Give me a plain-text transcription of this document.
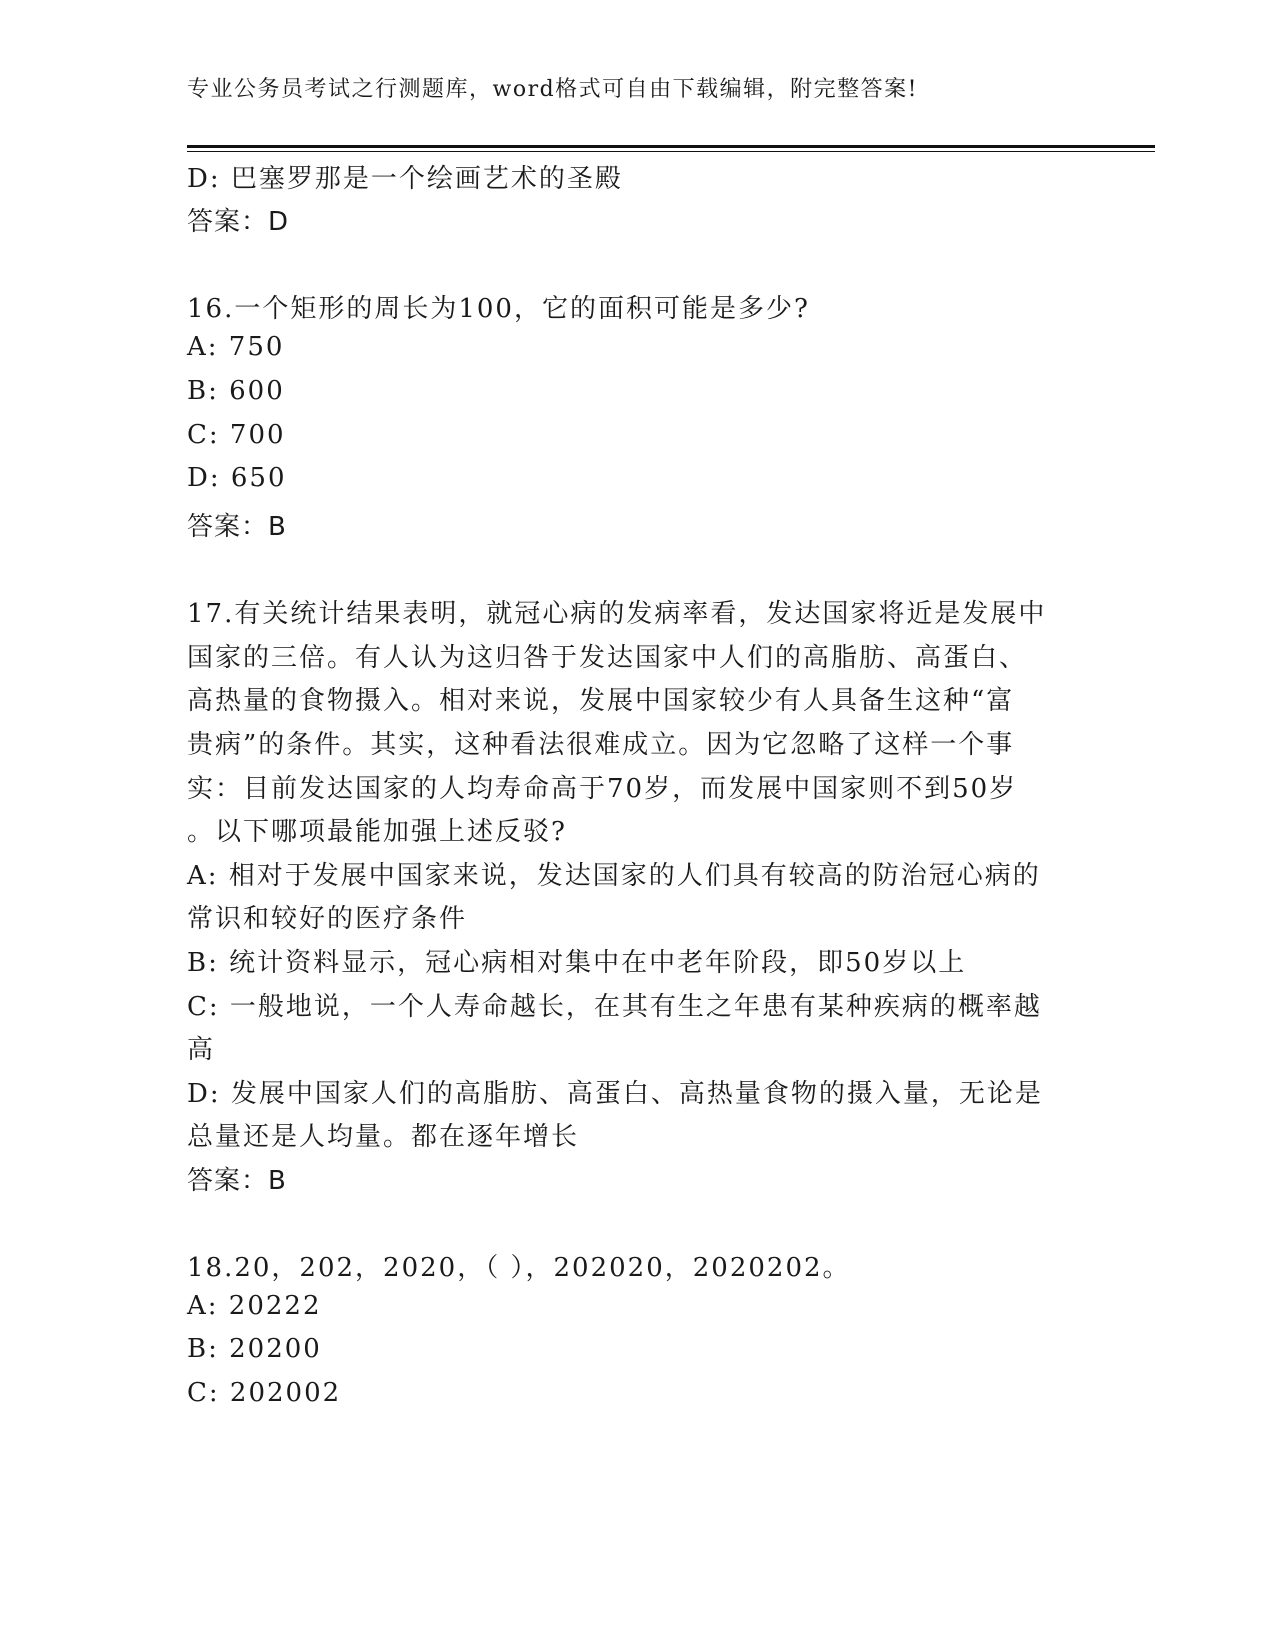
专业公务员考试之行测题库，word格式可自由下载编辑，附完整答案!
D: 巴塞罗那是一个绘画艺术的圣殿
答案：D
16.一个矩形的周长为100，它的面积可能是多少?
A: 750
B: 600
C: 700
D: 650
答案：B
17.有关统计结果表明，就冠心病的发病率看，发达国家将近是发展中
国家的三倍。有人认为这归咎于发达国家中人们的高脂肪、高蛋白、
高热量的食物摄入。相对来说，发展中国家较少有人具备生这种“富
贵病”的条件。其实，这种看法很难成立。因为它忽略了这样一个事
实：目前发达国家的人均寿命高于70岁，而发展中国家则不到50岁
。以下哪项最能加强上述反驳?
A: 相对于发展中国家来说，发达国家的人们具有较高的防治冠心病的
常识和较好的医疗条件
B: 统计资料显示，冠心病相对集中在中老年阶段，即50岁以上
C: 一般地说，一个人寿命越长，在其有生之年患有某种疾病的概率越
高
D: 发展中国家人们的高脂肪、高蛋白、高热量食物的摄入量，无论是
总量还是人均量。都在逐年增长
答案：B
18.20，202，2020，（ ），202020，2020202。
A: 20222
B: 20200
C: 202002
